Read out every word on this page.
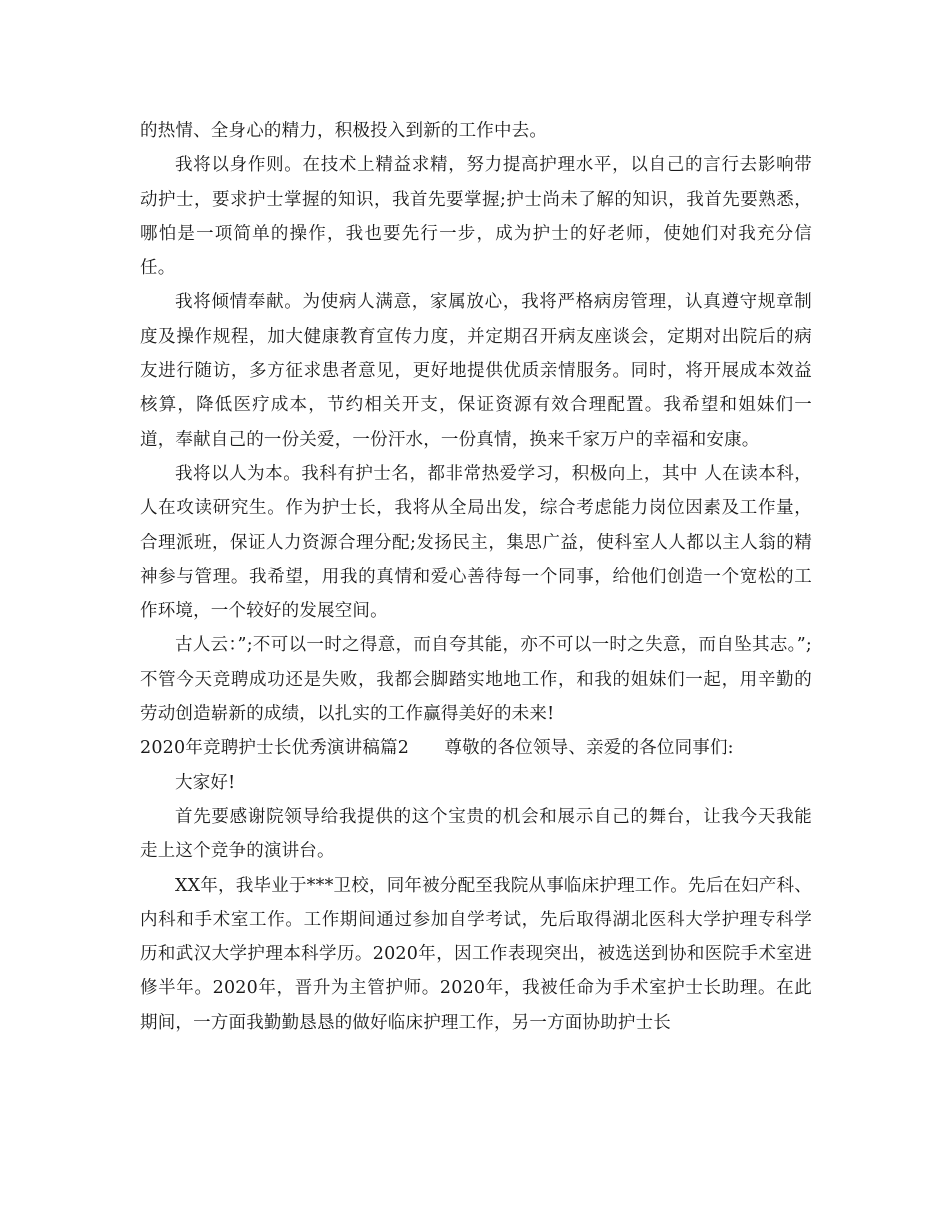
的热情、全身心的精力，积极投入到新的工作中去。

我将以身作则。在技术上精益求精，努力提高护理水平，以自己的言行去影响带动护士，要求护士掌握的知识，我首先要掌握;护士尚未了解的知识，我首先要熟悉，哪怕是一项简单的操作，我也要先行一步，成为护士的好老师，使她们对我充分信任。

我将倾情奉献。为使病人满意，家属放心，我将严格病房管理，认真遵守规章制度及操作规程，加大健康教育宣传力度，并定期召开病友座谈会，定期对出院后的病友进行随访，多方征求患者意见，更好地提供优质亲情服务。同时，将开展成本效益核算，降低医疗成本，节约相关开支，保证资源有效合理配置。我希望和姐妹们一道，奉献自己的一份关爱，一份汗水，一份真情，换来千家万户的幸福和安康。

我将以人为本。我科有护士名，都非常热爱学习，积极向上，其中 人在读本科，人在攻读研究生。作为护士长，我将从全局出发，综合考虑能力岗位因素及工作量，合理派班，保证人力资源合理分配;发扬民主，集思广益，使科室人人都以主人翁的精神参与管理。我希望，用我的真情和爱心善待每一个同事，给他们创造一个宽松的工作环境，一个较好的发展空间。

古人云：”;不可以一时之得意，而自夸其能，亦不可以一时之失意，而自坠其志。”;不管今天竞聘成功还是失败，我都会脚踏实地地工作，和我的姐妹们一起，用辛勤的劳动创造崭新的成绩，以扎实的工作赢得美好的未来!

2020年竞聘护士长优秀演讲稿篇2　　尊敬的各位领导、亲爱的各位同事们:

大家好!

首先要感谢院领导给我提供的这个宝贵的机会和展示自己的舞台，让我今天我能走上这个竞争的演讲台。

XX年，我毕业于***卫校，同年被分配至我院从事临床护理工作。先后在妇产科、内科和手术室工作。工作期间通过参加自学考试，先后取得湖北医科大学护理专科学历和武汉大学护理本科学历。2020年，因工作表现突出，被选送到协和医院手术室进修半年。2020年，晋升为主管护师。2020年，我被任命为手术室护士长助理。在此期间，一方面我勤勤恳恳的做好临床护理工作，另一方面协助护士长
